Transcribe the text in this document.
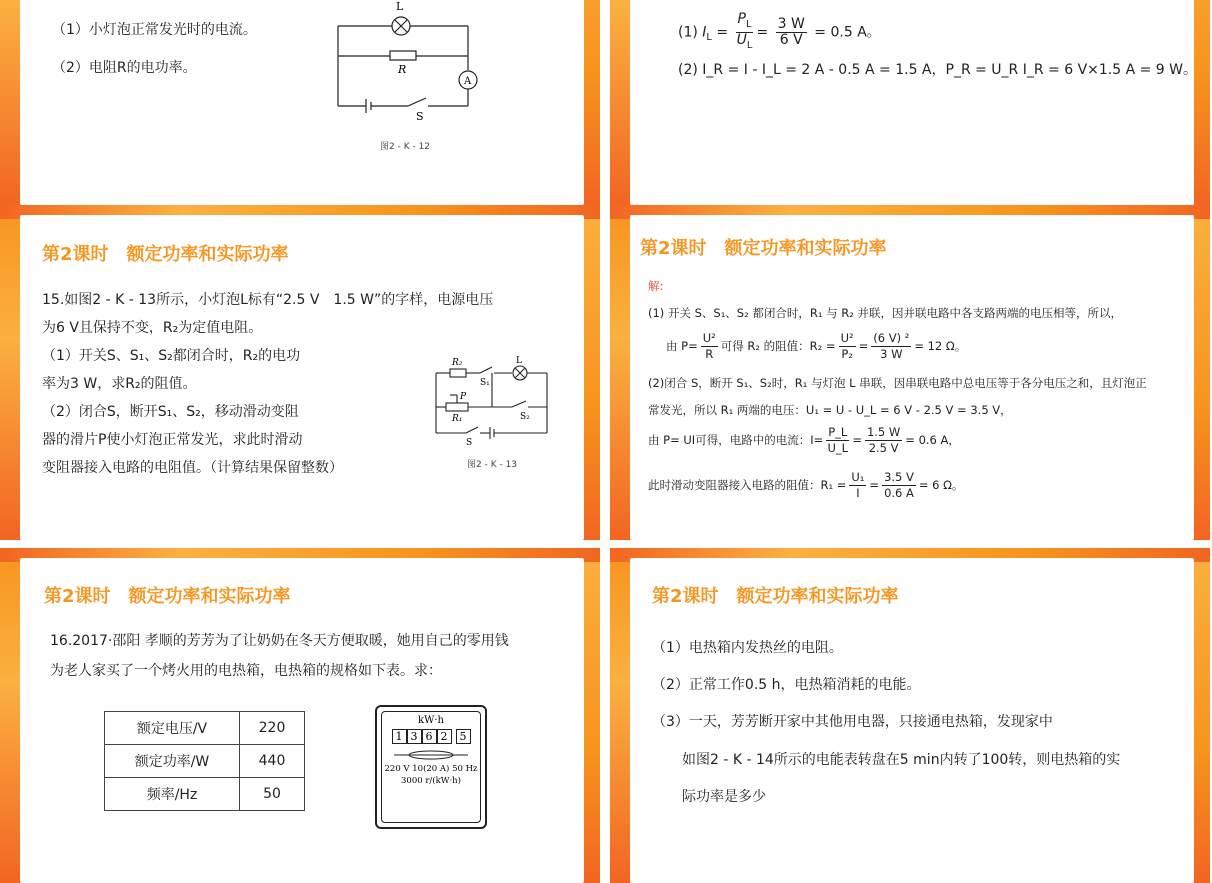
（1）小灯泡正常发光时的电流。
（2）电阻R的电功率。
L
R
A
S
图2 - K - 12
(1) $I_L = \frac{P_L}{U_L} = \frac{3 W}{6 V} = 0.5$ A。
(2) I_R = I - I_L = 2 A - 0.5 A = 1.5 A，P_R = U_R I_R = 6 V×1.5 A = 9 W。
第2课时　额定功率和实际功率
15.如图2 - K - 13所示，小灯泡L标有“2.5 V　1.5 W”的字样，电源电压
为6 V且保持不变，R₂为定值电阻。
（1）开关S、S₁、S₂都闭合时，R₂的电功
率为3 W，求R₂的阻值。
（2）闭合S，断开S₁、S₂，移动滑动变阻
器的滑片P使小灯泡正常发光，求此时滑动
变阻器接入电路的电阻值。（计算结果保留整数）
R₂
S₁
L
P
R₁	S₂
S
图2 - K - 13
第2课时　额定功率和实际功率
解:
(1) 开关 S、S₁、S₂ 都闭合时，R₁ 与 R₂ 并联，因并联电路中各支路两端的电压相等，所以，
由 $P= \frac{\text{U²}}{R}$ 可得 R₂ 的阻值：$R_2 = \frac{\text{U²}}{\text{P₂}} = \frac{\text{(6 V) ²}}{3 W} = 12$ Ω。
(2)闭合 S，断开 S₁、S₂时，R₁ 与灯泡 L 串联，因串联电路中总电压等于各分电压之和，且灯泡正
常发光，所以 R₁ 两端的电压：U₁ = U - U_L = 6 V - 2.5 V = 3.5 V，
由 P= UI可得，电路中的电流：$I= \frac{P\_L}{U\_L} = \frac{1.5 W}{2.5 V} = 0.6$ A，
此时滑动变阻器接入电路的阻值：$R_1 = \frac{\text{U₁}}{I} = \frac{3.5 V}{0.6 A} = 6$ Ω。
第2课时　额定功率和实际功率
16.2017·邵阳 孝顺的芳芳为了让奶奶在冬天方便取暖，她用自己的零用钱
为老人家买了一个烤火用的电热箱，电热箱的规格如下表。求：
额定电压/V	220
额定功率/W	440
频率/Hz	50
kW·h
1 3 6 2	5
220 V 10(20 A) 50 Hz
3000 r/(kW·h)
第2课时　额定功率和实际功率
（1）电热箱内发热丝的电阻。
（2）正常工作0.5 h，电热箱消耗的电能。
（3）一天，芳芳断开家中其他用电器，只接通电热箱，发现家中
如图2 - K - 14所示的电能表转盘在5 min内转了100转，则电热箱的实
际功率是多少
